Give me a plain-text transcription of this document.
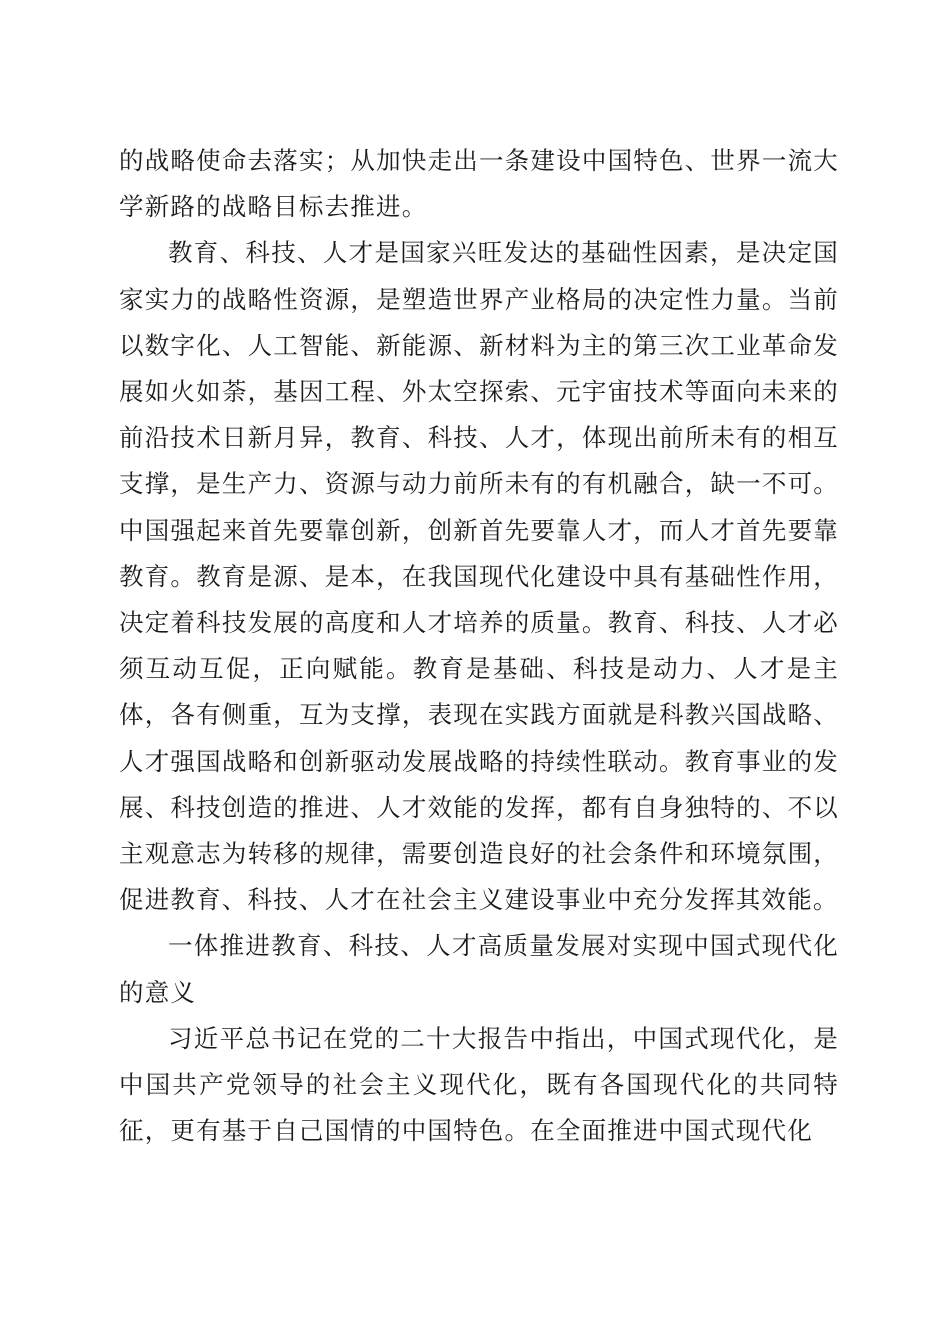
的战略使命去落实；从加快走出一条建设中国特色、世界一流大学新路的战略目标去推进。

教育、科技、人才是国家兴旺发达的基础性因素，是决定国家实力的战略性资源，是塑造世界产业格局的决定性力量。当前以数字化、人工智能、新能源、新材料为主的第三次工业革命发展如火如荼，基因工程、外太空探索、元宇宙技术等面向未来的前沿技术日新月异，教育、科技、人才，体现出前所未有的相互支撑，是生产力、资源与动力前所未有的有机融合，缺一不可。中国强起来首先要靠创新，创新首先要靠人才，而人才首先要靠教育。教育是源、是本，在我国现代化建设中具有基础性作用，决定着科技发展的高度和人才培养的质量。教育、科技、人才必须互动互促，正向赋能。教育是基础、科技是动力、人才是主体，各有侧重，互为支撑，表现在实践方面就是科教兴国战略、人才强国战略和创新驱动发展战略的持续性联动。教育事业的发展、科技创造的推进、人才效能的发挥，都有自身独特的、不以主观意志为转移的规律，需要创造良好的社会条件和环境氛围，促进教育、科技、人才在社会主义建设事业中充分发挥其效能。

一体推进教育、科技、人才高质量发展对实现中国式现代化的意义

习近平总书记在党的二十大报告中指出，中国式现代化，是中国共产党领导的社会主义现代化，既有各国现代化的共同特征，更有基于自己国情的中国特色。在全面推进中国式现代化
